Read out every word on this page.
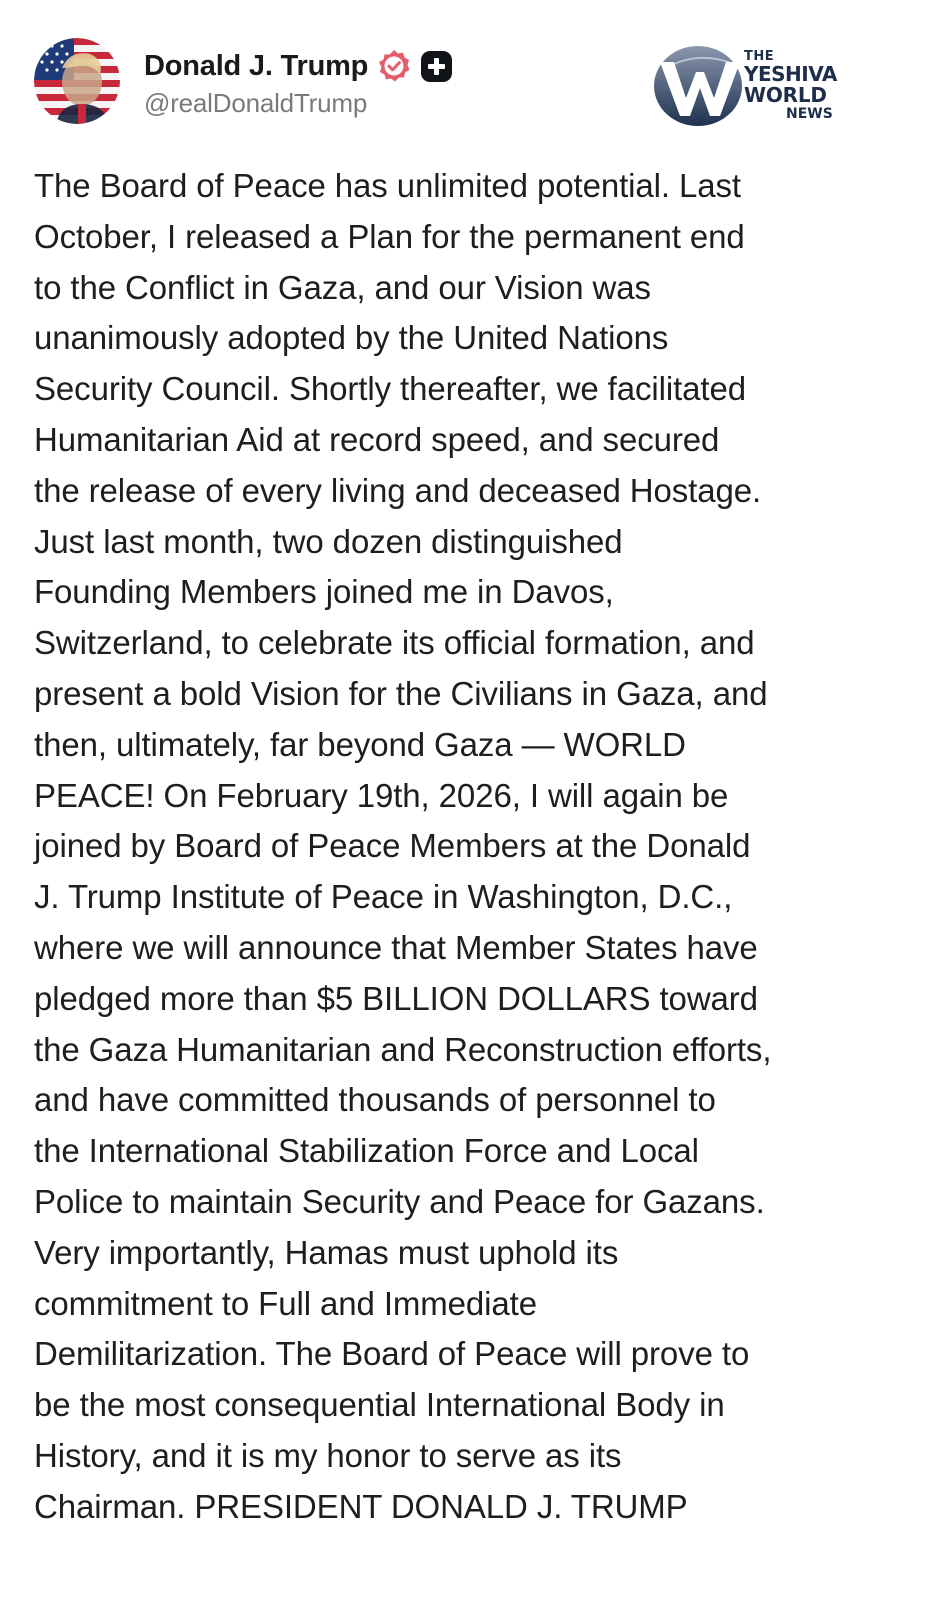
Donald J. Trump
@realDonaldTrump
THE
YESHIVA
WORLD
NEWS
The Board of Peace has unlimited potential. Last
October, I released a Plan for the permanent end
to the Conflict in Gaza, and our Vision was
unanimously adopted by the United Nations
Security Council. Shortly thereafter, we facilitated
Humanitarian Aid at record speed, and secured
the release of every living and deceased Hostage.
Just last month, two dozen distinguished
Founding Members joined me in Davos,
Switzerland, to celebrate its official formation, and
present a bold Vision for the Civilians in Gaza, and
then, ultimately, far beyond Gaza — WORLD
PEACE! On February 19th, 2026, I will again be
joined by Board of Peace Members at the Donald
J. Trump Institute of Peace in Washington, D.C.,
where we will announce that Member States have
pledged more than $5 BILLION DOLLARS toward
the Gaza Humanitarian and Reconstruction efforts,
and have committed thousands of personnel to
the International Stabilization Force and Local
Police to maintain Security and Peace for Gazans.
Very importantly, Hamas must uphold its
commitment to Full and Immediate
Demilitarization. The Board of Peace will prove to
be the most consequential International Body in
History, and it is my honor to serve as its
Chairman. PRESIDENT DONALD J. TRUMP
